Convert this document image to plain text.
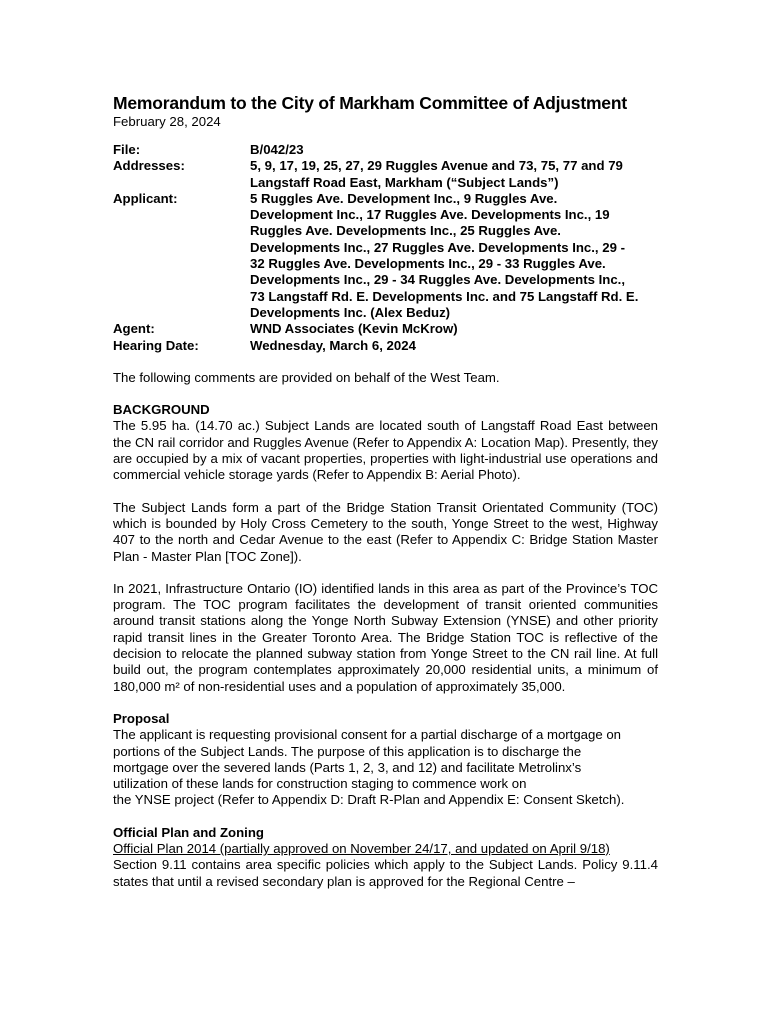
Memorandum to the City of Markham Committee of Adjustment
February 28, 2024
File:	B/042/23
Addresses:	5, 9, 17, 19, 25, 27, 29 Ruggles Avenue and 73, 75, 77 and 79
Langstaff Road East, Markham (“Subject Lands”)
Applicant:	5 Ruggles Ave. Development Inc., 9 Ruggles Ave.
Development Inc., 17 Ruggles Ave. Developments Inc., 19
Ruggles Ave. Developments Inc., 25 Ruggles Ave.
Developments Inc., 27 Ruggles Ave. Developments Inc., 29 -
32 Ruggles Ave. Developments Inc., 29 - 33 Ruggles Ave.
Developments Inc., 29 - 34 Ruggles Ave. Developments Inc.,
73 Langstaff Rd. E. Developments Inc. and 75 Langstaff Rd. E.
Developments Inc. (Alex Beduz)
Agent:	WND Associates (Kevin McKrow)
Hearing Date:	Wednesday, March 6, 2024

The following comments are provided on behalf of the West Team.

BACKGROUND

The 5.95 ha. (14.70 ac.) Subject Lands are located south of Langstaff Road East between the CN rail corridor and Ruggles Avenue (Refer to Appendix A: Location Map). Presently, they are occupied by a mix of vacant properties, properties with light-industrial use operations and commercial vehicle storage yards (Refer to Appendix B: Aerial Photo).

The Subject Lands form a part of the Bridge Station Transit Orientated Community (TOC) which is bounded by Holy Cross Cemetery to the south, Yonge Street to the west, Highway 407 to the north and Cedar Avenue to the east (Refer to Appendix C: Bridge Station Master Plan - Master Plan [TOC Zone]).

In 2021, Infrastructure Ontario (IO) identified lands in this area as part of the Province’s TOC program. The TOC program facilitates the development of transit oriented communities around transit stations along the Yonge North Subway Extension (YNSE) and other priority rapid transit lines in the Greater Toronto Area. The Bridge Station TOC is reflective of the decision to relocate the planned subway station from Yonge Street to the CN rail line. At full build out, the program contemplates approximately 20,000 residential units, a minimum of 180,000 m² of non-residential uses and a population of approximately 35,000.

Proposal

The applicant is requesting provisional consent for a partial discharge of a mortgage on
portions of the Subject Lands. The purpose of this application is to discharge the
mortgage over the severed lands (Parts 1, 2, 3, and 12) and facilitate Metrolinx’s
utilization of these lands for construction staging to commence work on
the YNSE project (Refer to Appendix D: Draft R-Plan and Appendix E: Consent Sketch).

Official Plan and Zoning

Official Plan 2014 (partially approved on November 24/17, and updated on April 9/18)

Section 9.11 contains area specific policies which apply to the Subject Lands. Policy 9.11.4 states that until a revised secondary plan is approved for the Regional Centre –
